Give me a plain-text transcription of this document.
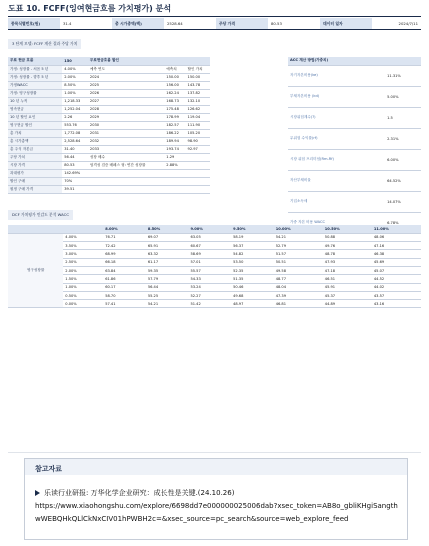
도표 10. FCFF(잉여현금흐름 가치평가) 분석
종목식별번호(원)	31.4	총 시가총액(백)	2528.64	주당 가격	80.53	데이터 일자	2024/7/11
3 단계 모델: FCFF 계산 결과 주당 가치
무료 현금 흐름	150	무료현금흐름 할인		
가정: 성장률 - 처음 5 년	4.00%	예측 연도	예측치	할인 가치
가정: 성장률 - 향후 5 년	2.00%	2024	150.00	150.00
가정WACC	8.50%	2025	156.00	143.78
가정: 영구성장률	1.00%	2026	162.24	137.82
10 년 누적	1,218.33	2027	168.73	132.10
영속현금	1,252.04	2028	175.48	126.62
10 년 할인 요인	2.26	2029	178.99	119.04
영구현금 할인	553.76	2030	182.57	111.90
총 가치	1,772.08	2031	186.22	105.20
총 시가총액	2,528.64	2032	189.94	98.90
총 주식 자본금	31.40	2033	193.74	92.97
주당 가치	56.44	성장 배수	1.29	
시장 가격	80.53	엄격성 검증 배페스 형: 연간 성장률	2.88%	
과대평가	142.69%			
할인 구매	70%			
원정 구매 가격	39.51			
ACC 계산 방법(가중치)	
자기자본비용(ke)	11.31%
부채자본비용 (kd)	5.00%
시장위험계수(?)	1.5
무위험 수익률(rf)	2.31%
시장 위험 프리미엄(Rm-Rf)	6.00%
자산부채비율	64.52%
기업소득세	14.07%
가중 자본 비용 WACC	6.78%
DCF 가치평가 민감도 분석 WACC
		8.00%	8.50%	9.00%	9.50%	10.00%	10.50%	11.00%
영구성장률	4.00%	76.71	69.07	63.05	58.19	54.21	50.88	48.06
	3.50%	72.42	65.91	60.67	56.37	52.79	49.76	47.16
	3.00%	68.99	63.32	58.69	54.82	51.57	48.78	46.38
	2.50%	66.18	61.17	57.01	53.50	50.51	47.93	45.69
	2.00%	63.84	59.35	55.57	52.35	49.58	47.18	45.07
	1.50%	61.86	57.79	54.33	51.35	48.77	46.51	44.52
	1.00%	60.17	56.44	53.24	50.46	48.04	45.91	44.02
	0.50%	58.70	55.25	52.27	49.68	47.39	45.37	43.57
	0.00%	57.41	54.21	51.42	48.97	46.81	44.89	43.16
참고자료
乐读行业研报: 万华化学企业研究：成长性是关键.(24.10.26)
https://www.xiaohongshu.com/explore/6698dd7e000000025006dab?xsec_token=AB8o_gbliKHgiSangthwWEBQHkQLlCkNxCIV01hPWBH2c=&xsec_source=pc_search&source=web_explore_feed
